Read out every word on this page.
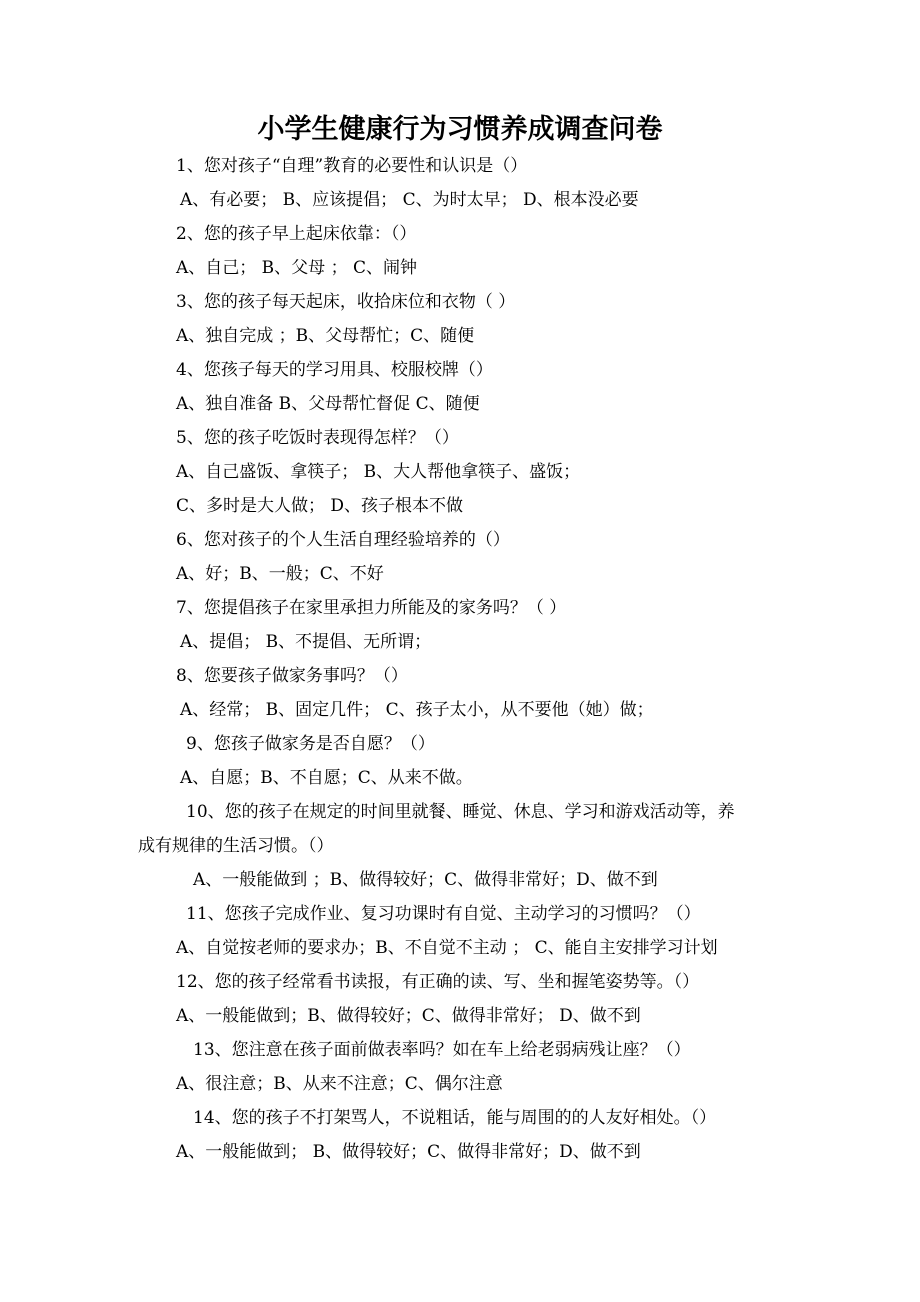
小学生健康行为习惯养成调查问卷
1、您对孩子“自理”教育的必要性和认识是（）
A、有必要； B、应该提倡； C、为时太早； D、根本没必要
2、您的孩子早上起床依靠：（）
A、自己； B、父母 ； C、闹钟
3、您的孩子每天起床，收拾床位和衣物（ ）
A、独自完成 ；B、父母帮忙；C、随便
4、您孩子每天的学习用具、校服校牌（）
A、独自准备 B、父母帮忙督促 C、随便
5、您的孩子吃饭时表现得怎样？（）
A、自己盛饭、拿筷子； B、大人帮他拿筷子、盛饭；
C、多时是大人做； D、孩子根本不做
6、您对孩子的个人生活自理经验培养的（）
A、好；B、一般；C、不好
7、您提倡孩子在家里承担力所能及的家务吗？（ ）
A、提倡； B、不提倡、无所谓；
8、您要孩子做家务事吗？（）
A、经常； B、固定几件； C、孩子太小，从不要他（她）做；
9、您孩子做家务是否自愿？（）
A、自愿；B、不自愿；C、从来不做。
10、您的孩子在规定的时间里就餐、睡觉、休息、学习和游戏活动等，养
成有规律的生活习惯。（）
A、一般能做到 ；B、做得较好；C、做得非常好；D、做不到
11、您孩子完成作业、复习功课时有自觉、主动学习的习惯吗？（）
A、自觉按老师的要求办；B、不自觉不主动 ； C、能自主安排学习计划
12、您的孩子经常看书读报，有正确的读、写、坐和握笔姿势等。（）
A、一般能做到；B、做得较好；C、做得非常好； D、做不到
13、您注意在孩子面前做表率吗？如在车上给老弱病残让座？（）
A、很注意；B、从来不注意；C、偶尔注意
14、您的孩子不打架骂人，不说粗话，能与周围的的人友好相处。（）
A、一般能做到； B、做得较好；C、做得非常好；D、做不到
